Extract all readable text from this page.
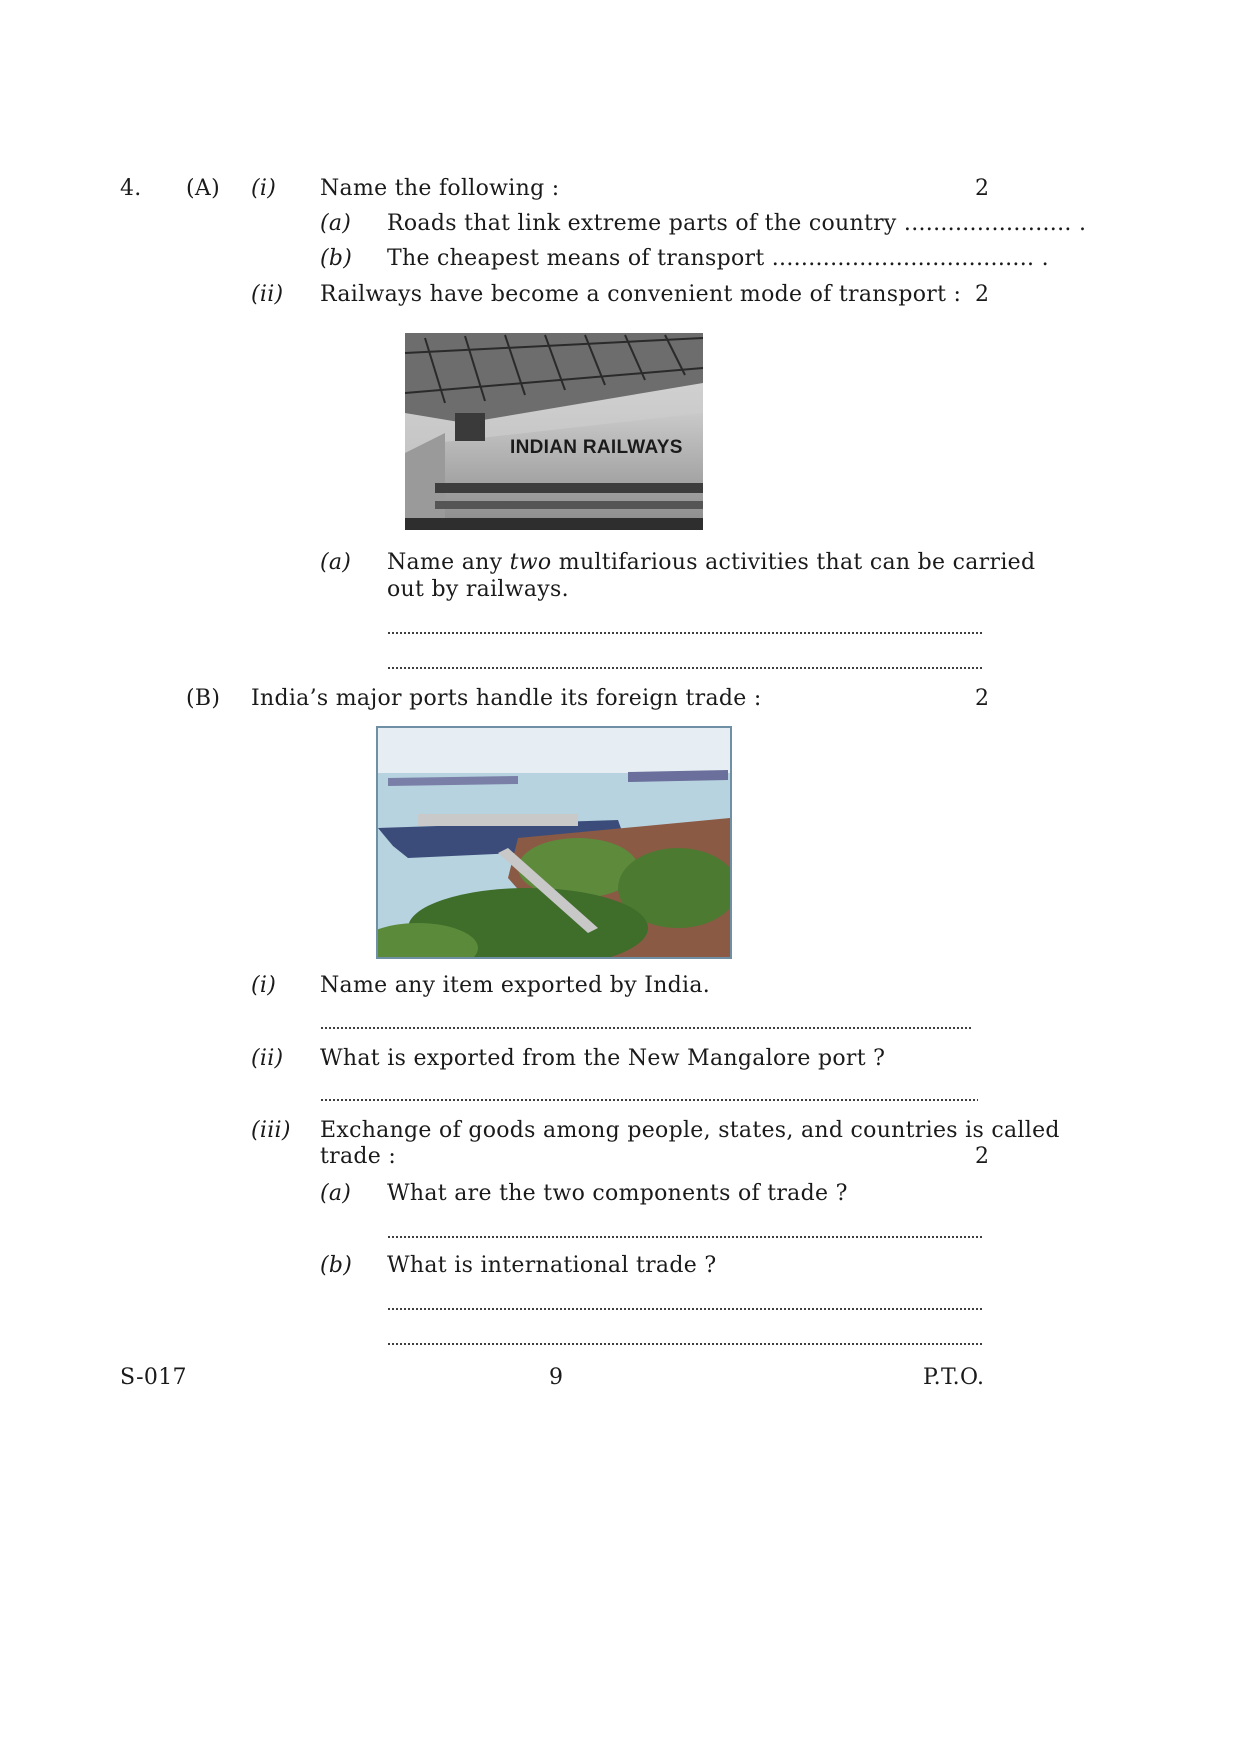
4. (A) (i) Name the following :	2
(a) Roads that link extreme parts of the country ....................... .
(b) The cheapest means of transport .................................... .
(ii) Railways have become a convenient mode of transport : 2
INDIAN RAILWAYS
(a) Name any two multifarious activities that can be carried
out by railways.
(B) India’s major ports handle its foreign trade :	2
(i) Name any item exported by India.
(ii) What is exported from the New Mangalore port ?
(iii) Exchange of goods among people, states, and countries is called
trade :	2
(a) What are the two components of trade ?
(b) What is international trade ?
S-017	9	P.T.O.
